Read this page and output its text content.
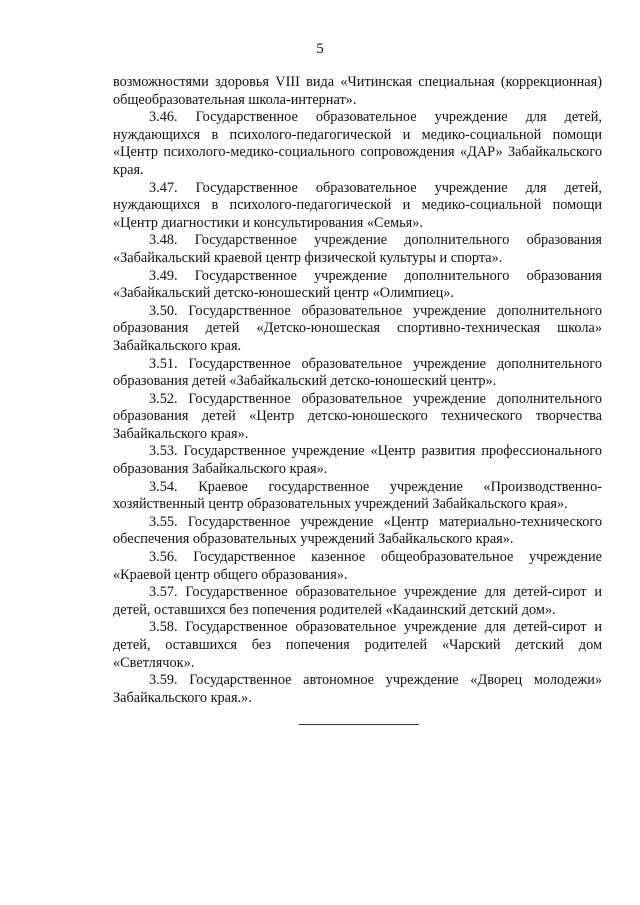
5

возможностями здоровья VIII вида «Читинская специальная (коррекционная) общеобразовательная школа-интернат».

3.46. Государственное образовательное учреждение для детей, нуждающихся в психолого-педагогической и медико-социальной помощи «Центр психолого-медико-социального сопровождения «ДАР» Забайкальского края.

3.47. Государственное образовательное учреждение для детей, нуждающихся в психолого-педагогической и медико-социальной помощи «Центр диагностики и консультирования «Семья».

3.48. Государственное учреждение дополнительного образования «Забайкальский краевой центр физической культуры и спорта».

3.49. Государственное учреждение дополнительного образования «Забайкальский детско-юношеский центр «Олимпиец».

3.50. Государственное образовательное учреждение дополнительного образования детей «Детско-юношеская спортивно-техническая школа» Забайкальского края.

3.51. Государственное образовательное учреждение дополнительного образования детей «Забайкальский детско-юношеский центр».

3.52. Государственное образовательное учреждение дополнительного образования детей «Центр детско-юношеского технического творчества Забайкальского края».

3.53. Государственное учреждение «Центр развития профессионального образования Забайкальского края».

3.54. Краевое государственное учреждение «Производственно-хозяйственный центр образовательных учреждений Забайкальского края».

3.55. Государственное учреждение «Центр материально-технического обеспечения образовательных учреждений Забайкальского края».

3.56. Государственное казенное общеобразовательное учреждение «Краевой центр общего образования».

3.57. Государственное образовательное учреждение для детей-сирот и детей, оставшихся без попечения родителей «Кадаинский детский дом».

3.58. Государственное образовательное учреждение для детей-сирот и детей, оставшихся без попечения родителей «Чарский детский дом «Светлячок».

3.59. Государственное автономное учреждение «Дворец молодежи» Забайкальского края.».
